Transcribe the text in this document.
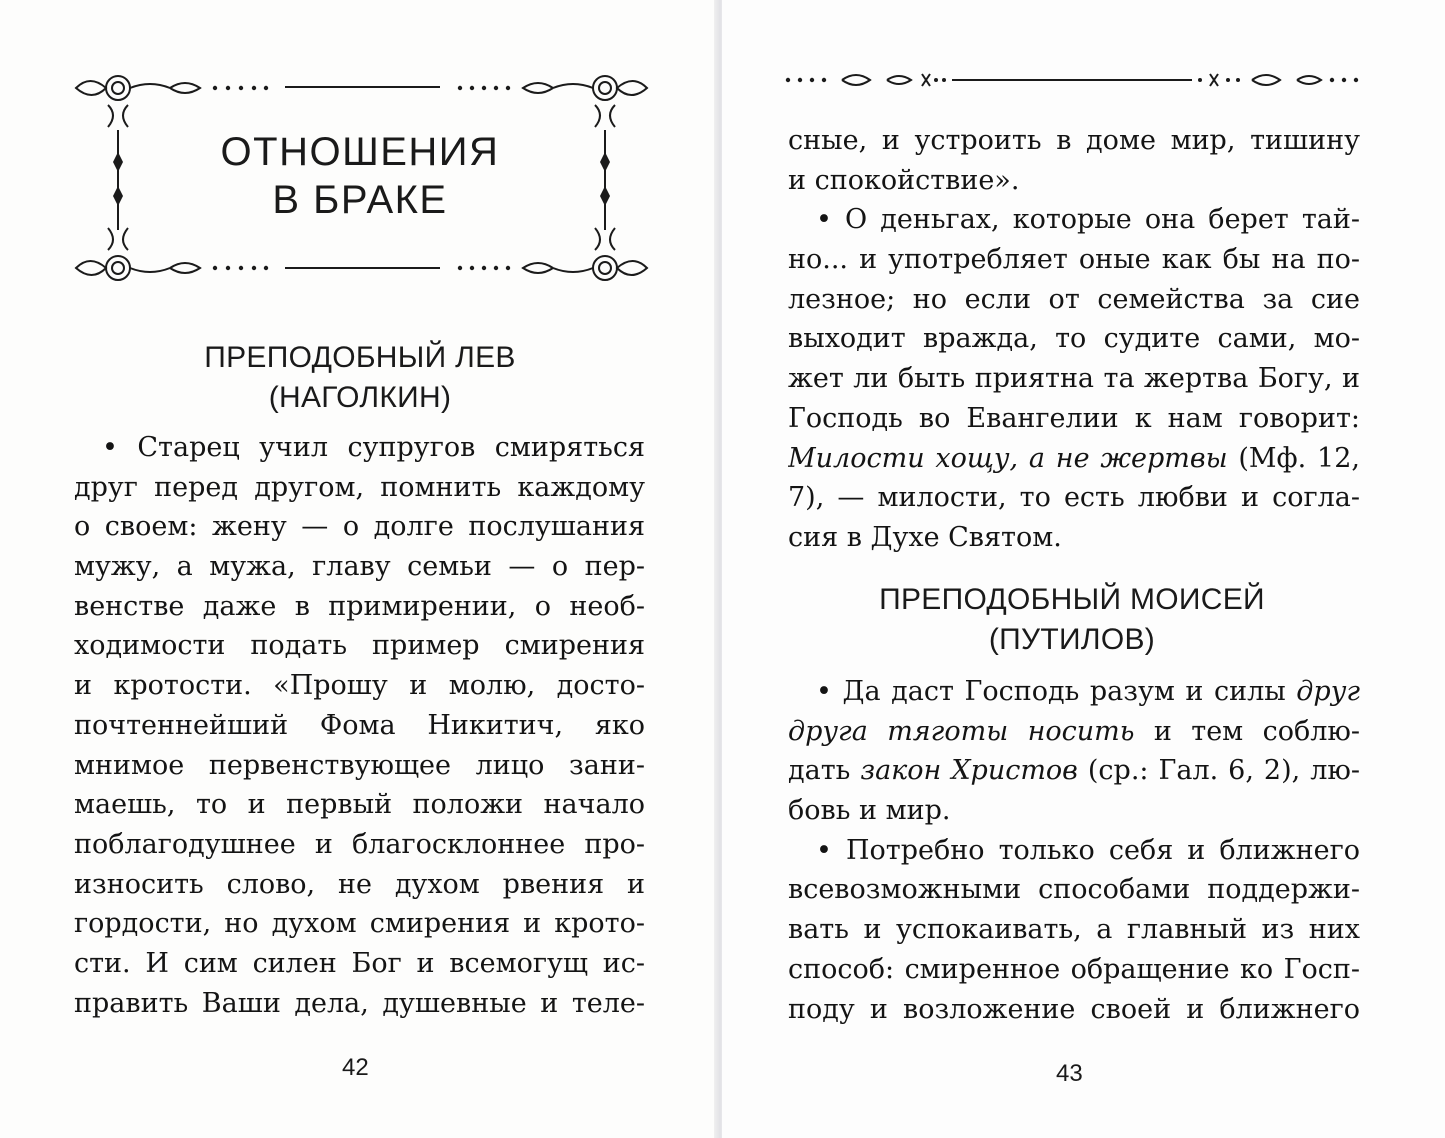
ОТНОШЕНИЯ
В БРАКЕ
ПРЕПОДОБНЫЙ ЛЕВ
(НАГОЛКИН)
• Старец учил супругов смиряться
друг перед другом, помнить каждому
о своем: жену — о долге послушания
мужу, а мужа, главу семьи — о пер-
венстве даже в примирении, о необ-
ходимости подать пример смирения
и кротости. «Прошу и молю, досто-
почтеннейший Фома Никитич, яко
мнимое первенствующее лицо зани-
маешь, то и первый положи начало
поблагодушнее и благосклоннее про-
износить слово, не духом рвения и
гордости, но духом смирения и крото-
сти. И сим силен Бог и всемогущ ис-
править Ваши дела, душевные и теле-
42
сные, и устроить в доме мир, тишину
и спокойствие».
• О деньгах, которые она берет тай-
но... и употребляет оные как бы на по-
лезное; но если от семейства за сие
выходит вражда, то судите сами, мо-
жет ли быть приятна та жертва Богу, и
Господь во Евангелии к нам говорит:
Милости хощу, а не жертвы (Мф. 12,
7), — милости, то есть любви и согла-
сия в Духе Святом.
ПРЕПОДОБНЫЙ МОИСЕЙ
(ПУТИЛОВ)
• Да даст Господь разум и силы друг
друга тяготы носить и тем соблю-
дать закон Христов (ср.: Гал. 6, 2), лю-
бовь и мир.
• Потребно только себя и ближнего
всевозможными способами поддержи-
вать и успокаивать, а главный из них
способ: смиренное обращение ко Госп-
поду и возложение своей и ближнего
43
